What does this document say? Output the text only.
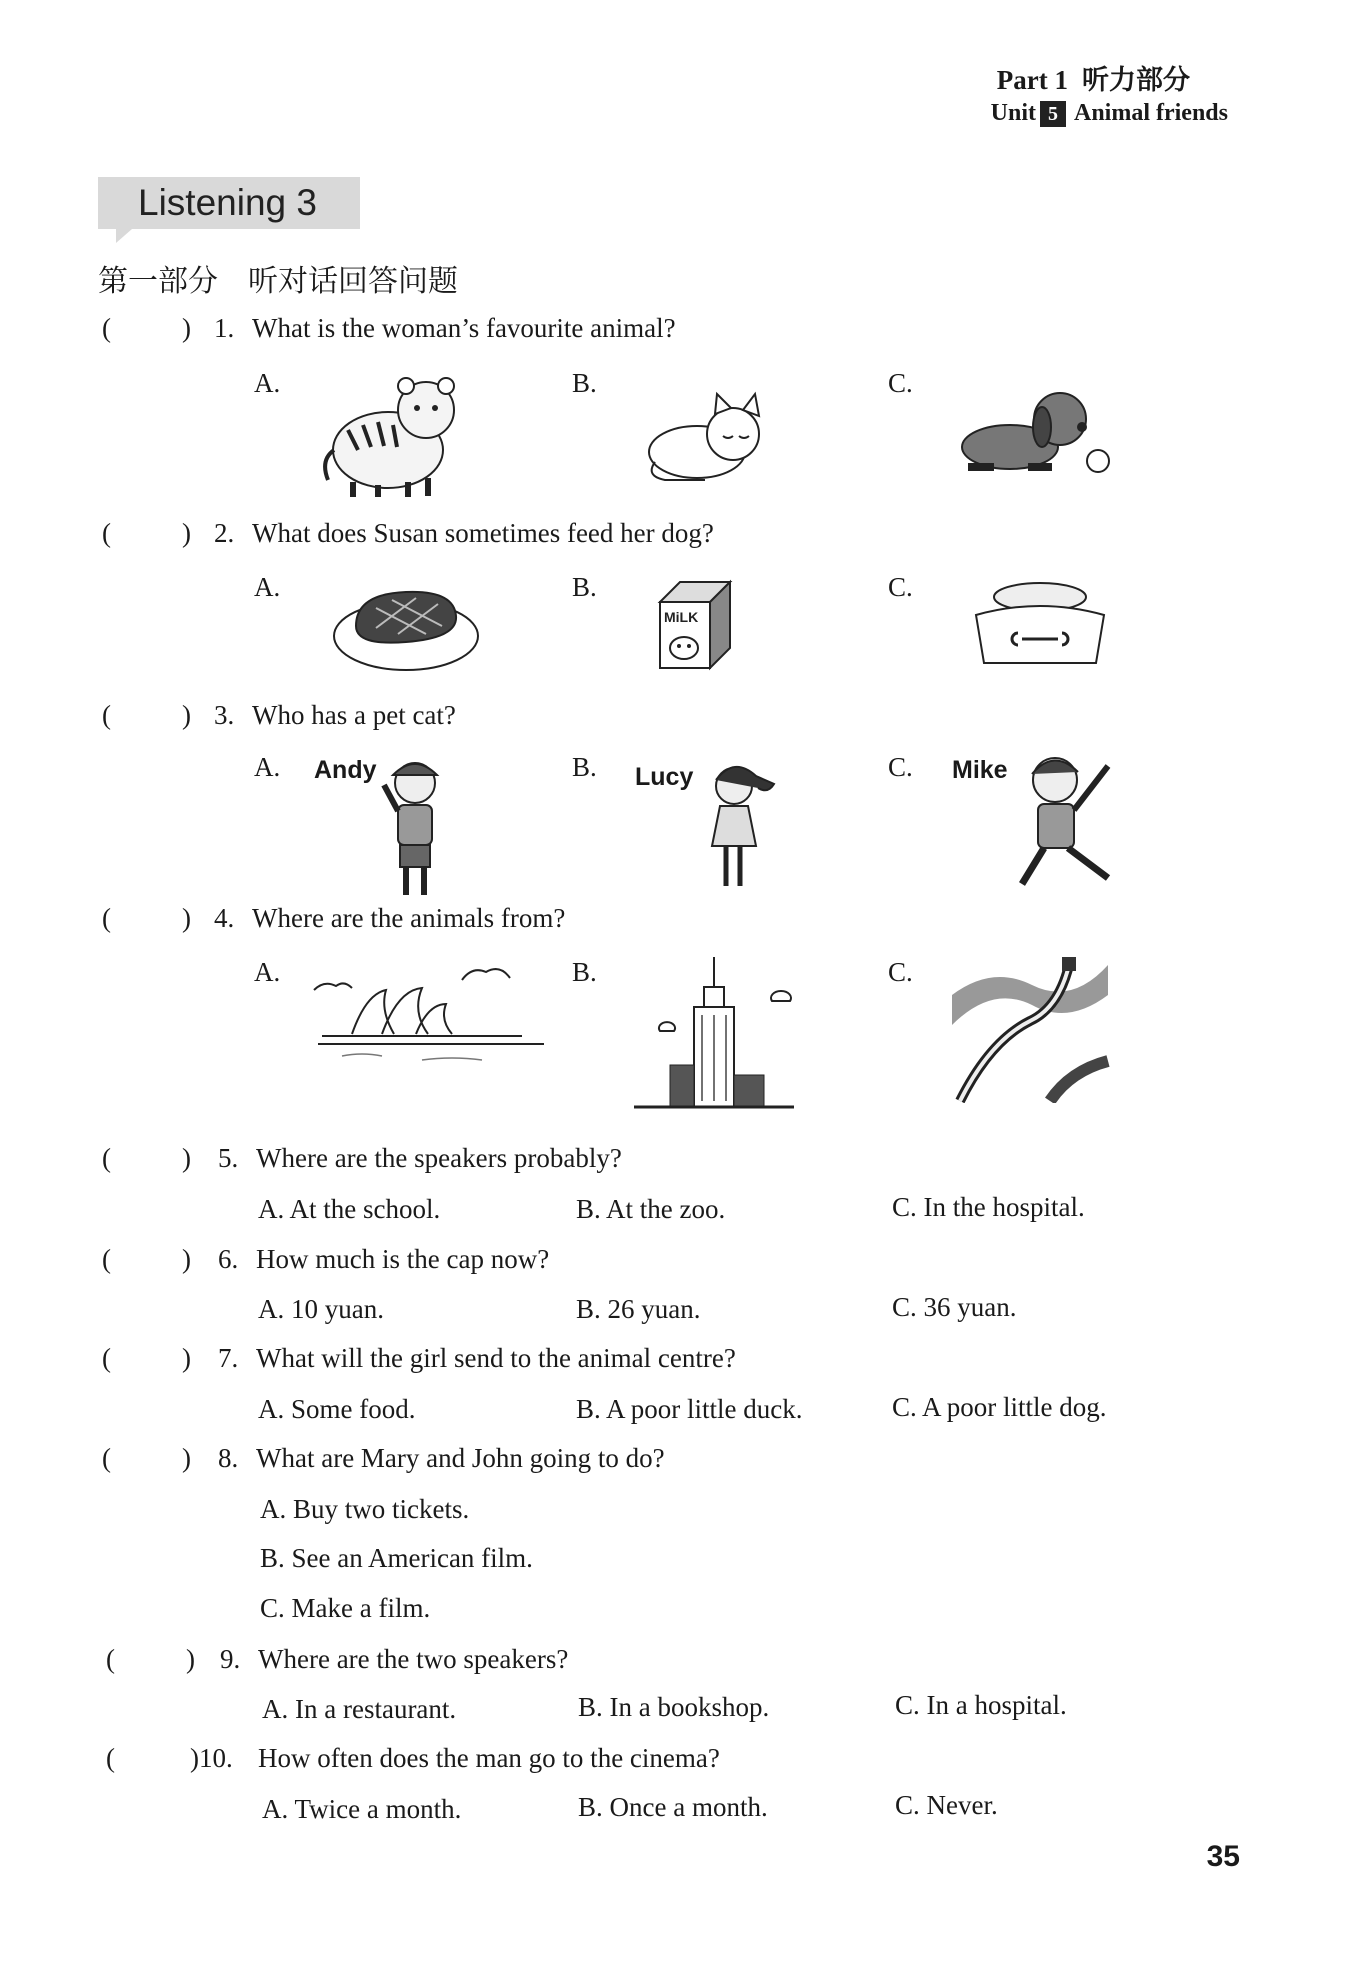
Part 1 听力部分
Unit 5 Animal friends
Listening 3
第一部分　听对话回答问题
(	) 1. What is the woman’s favourite animal?
A.	B.	C.
(	) 2. What does Susan sometimes feed her dog?
A.	B.	C.
MiLK
(	) 3. Who has a pet cat?
A.	B.	C.
Andy	Lucy	Mike
(	) 4. Where are the animals from?
A.	B.	C.
(	) 5. Where are the speakers probably?
A. At the school.	B. At the zoo.	C. In the hospital.
(	) 6. How much is the cap now?
A. 10 yuan.	B. 26 yuan.	C. 36 yuan.
(	) 7. What will the girl send to the animal centre?
A. Some food.	B. A poor little duck.	C. A poor little dog.
(	) 8. What are Mary and John going to do?
A. Buy two tickets.
B. See an American film.
C. Make a film.
(	) 9. Where are the two speakers?
A. In a restaurant.	B. In a bookshop.	C. In a hospital.
(	)10. How often does the man go to the cinema?
A. Twice a month.	B. Once a month.	C. Never.
35
